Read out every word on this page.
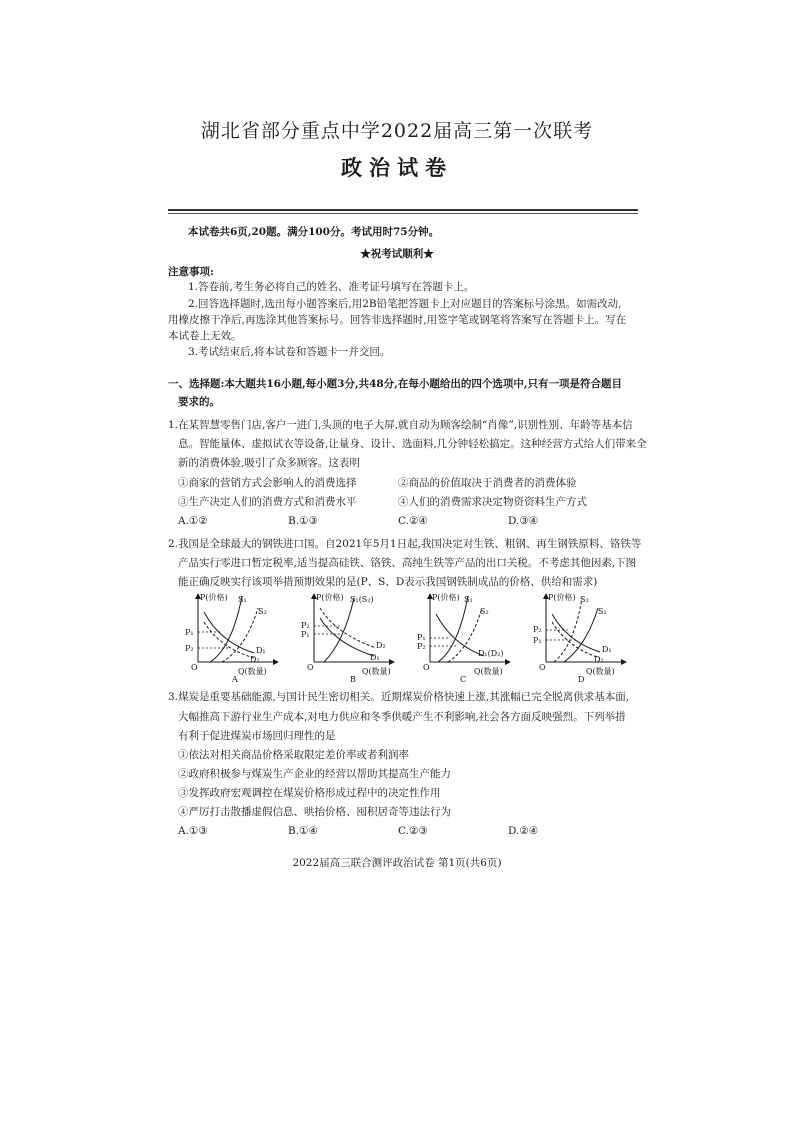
湖北省部分重点中学2022届高三第一次联考
政治试卷
本试卷共6页,20题。满分100分。考试用时75分钟。
★祝考试顺利★
注意事项:
1.答卷前,考生务必将自己的姓名、准考证号填写在答题卡上。
2.回答选择题时,选出每小题答案后,用2B铅笔把答题卡上对应题目的答案标号涂黑。如需改动,
用橡皮擦干净后,再选涂其他答案标号。回答非选择题时,用签字笔或钢笔将答案写在答题卡上。写在
本试卷上无效。
3.考试结束后,将本试卷和答题卡一并交回。
一、选择题:本大题共16小题,每小题3分,共48分,在每小题给出的四个选项中,只有一项是符合题目
要求的。
1.在某智慧零售门店,客户一进门,头顶的电子大屏,就自动为顾客绘制“肖像”,识别性别、年龄等基本信
息。智能量体、虚拟试衣等设备,让量身、设计、选面料,几分钟轻松搞定。这种经营方式给人们带来全
新的消费体验,吸引了众多顾客。这表明
①商家的营销方式会影响人的消费选择	②商品的价值取决于消费者的消费体验
③生产决定人们的消费方式和消费水平	④人们的消费需求决定物资资料生产方式
A.①②	B.①③	C.②④	D.③④
2.我国是全球最大的钢铁进口国。自2021年5月1日起,我国决定对生铁、粗钢、再生钢铁原料、铬铁等
产品实行零进口暂定税率,适当提高硅铁、铬铁、高纯生铁等产品的出口关税。不考虑其他因素,下图
能正确反映实行该项举措预期效果的是(P、S、D表示我国钢铁制成品的价格、供给和需求)
P(价格)
O	Q(数量)
S₁
S₂
D₁
D₂
P₁
P₂
A
P(价格)
O	Q(数量)
S₁(S₂)
D₂
D₁
P₂
P₁
B
P(价格)
O	Q(数量)
S₁
S₂
D₁(D₂)
P₁
P₂
C
P(价格)
O	Q(数量)
S₂
S₁
D₁
D₂
P₂
P₁
D
3.煤炭是重要基础能源,与国计民生密切相关。近期煤炭价格快速上涨,其涨幅已完全脱离供求基本面,
大幅推高下游行业生产成本,对电力供应和冬季供暖产生不利影响,社会各方面反映强烈。下列举措
有利于促进煤炭市场回归理性的是
①依法对相关商品价格采取限定差价率或者利润率
②政府积极参与煤炭生产企业的经营以帮助其提高生产能力
③发挥政府宏观调控在煤炭价格形成过程中的决定性作用
④严厉打击散播虚假信息、哄抬价格、囤积居奇等违法行为
A.①③	B.①④	C.②③	D.②④
2022届高三联合测评政治试卷 第1页(共6页)
